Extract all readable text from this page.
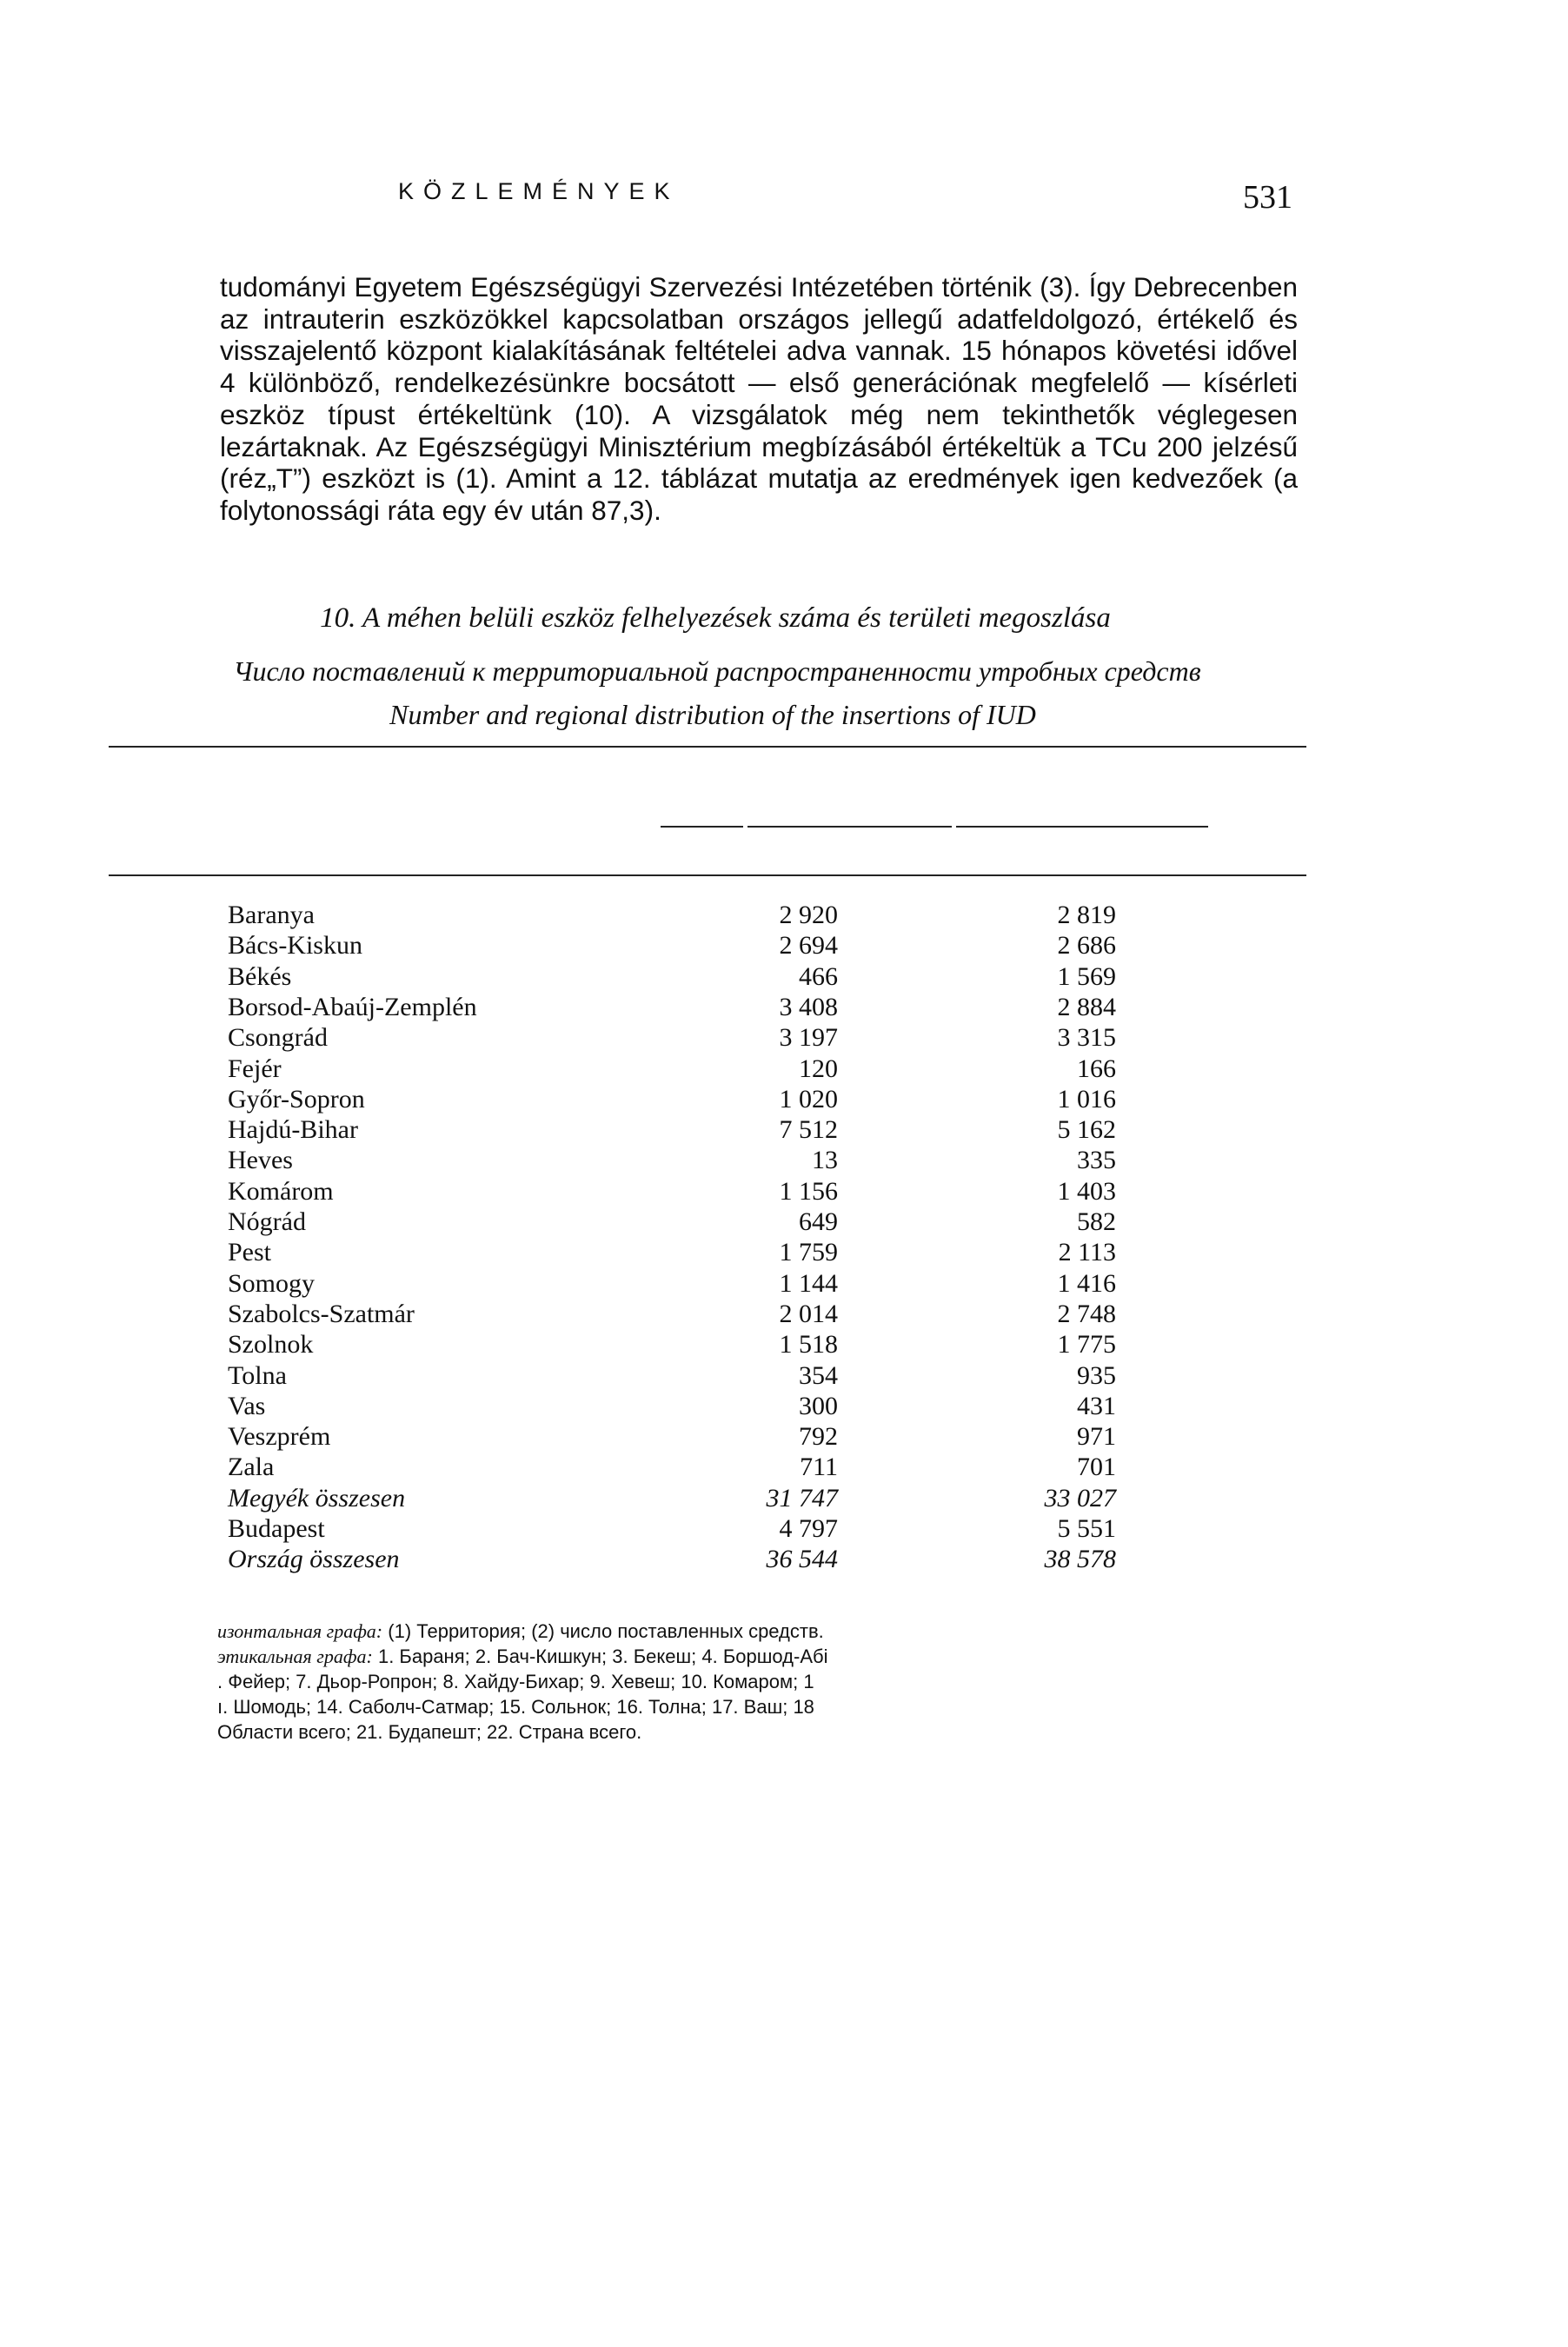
KÖZLEMÉNYEK	531

tudományi Egyetem Egészségügyi Szervezési Intézetében történik (3). Így Debrecenben az intrauterin eszközökkel kapcsolatban országos jellegű adatfeldolgozó, értékelő és visszajelentő központ kialakításának feltételei adva vannak. 15 hónapos követési idővel 4 különböző, rendelkezésünkre bocsátott — első generációnak megfelelő — kísérleti eszköz típust értékeltünk (10). A vizsgálatok még nem tekinthetők véglegesen lezártaknak. Az Egészségügyi Minisztérium megbízásából értékeltük a TCu 200 jelzésű (réz„T”) eszközt is (1). Amint a 12. táblázat mutatja az eredmények igen kedvezőek (a folytonossági ráta egy év után 87,3).

10. A méhen belüli eszköz felhelyezések száma és területi megoszlása
Число поставлений к территориальной распространенности утробных средств
Number and regional distribution of the insertions of IUD
Baranya	2 920	2 819
Bács-Kiskun	2 694	2 686
Békés	466	1 569
Borsod-Abaúj-Zemplén	3 408	2 884
Csongrád	3 197	3 315
Fejér	120	166
Győr-Sopron	1 020	1 016
Hajdú-Bihar	7 512	5 162
Heves	13	335
Komárom	1 156	1 403
Nógrád	649	582
Pest	1 759	2 113
Somogy	1 144	1 416
Szabolcs-Szatmár	2 014	2 748
Szolnok	1 518	1 775
Tolna	354	935
Vas	300	431
Veszprém	792	971
Zala	711	701
Megyék összesen	31 747	33 027
Budapest	4 797	5 551
Ország összesen	36 544	38 578
изонтальная графа: (1) Территория; (2) число поставленных средств.
этикальная графа: 1. Бараня; 2. Бач-Кишкун; 3. Бекеш; 4. Боршод-Абі
. Фейер; 7. Дьор-Ропрон; 8. Хайду-Бихар; 9. Хевеш; 10. Комаром; 1
ı. Шомодь; 14. Саболч-Сатмар; 15. Сольнок; 16. Толна; 17. Ваш; 18
Области всего; 21. Будапешт; 22. Страна всего.
